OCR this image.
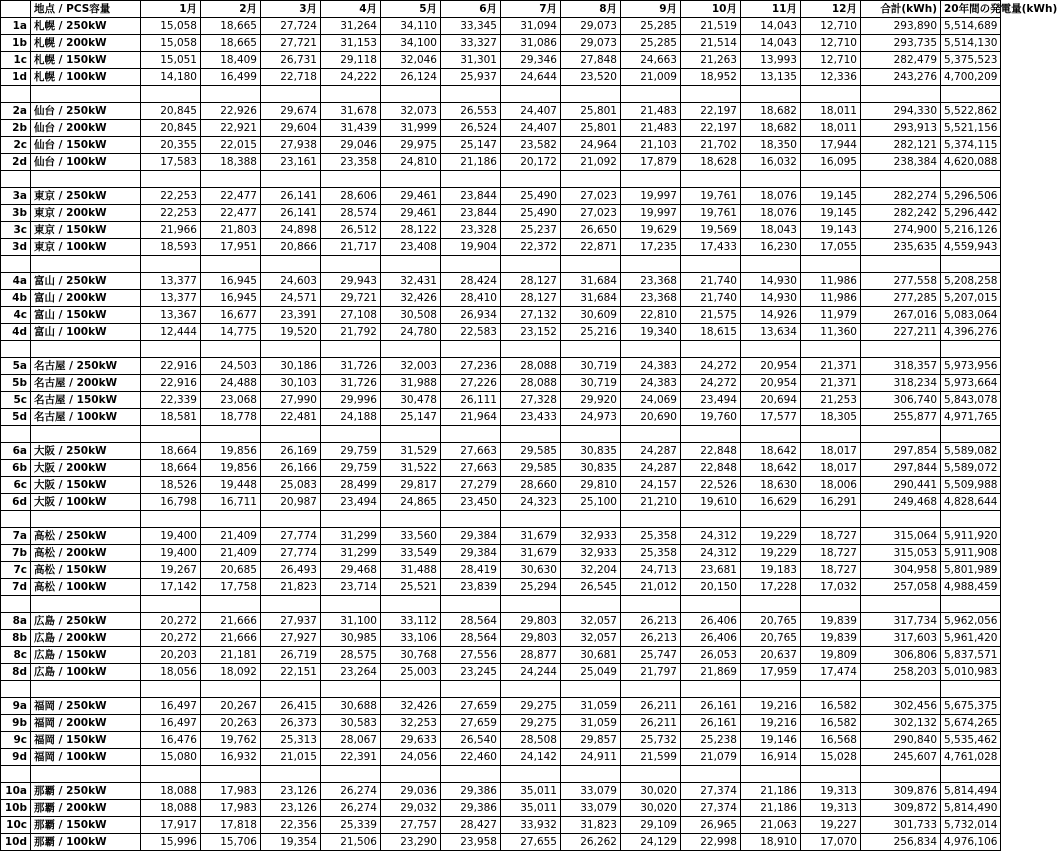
	地点 / PCS容量	1月	2月	3月	4月	5月	6月	7月	8月	9月	10月	11月	12月	合計(kWh)	20年間の発電量(kWh)
1a	札幌 / 250kW	15,058	18,665	27,724	31,264	34,110	33,345	31,094	29,073	25,285	21,519	14,043	12,710	293,890	5,514,689
1b	札幌 / 200kW	15,058	18,665	27,721	31,153	34,100	33,327	31,086	29,073	25,285	21,514	14,043	12,710	293,735	5,514,130
1c	札幌 / 150kW	15,051	18,409	26,731	29,118	32,046	31,301	29,346	27,848	24,663	21,263	13,993	12,710	282,479	5,375,523
1d	札幌 / 100kW	14,180	16,499	22,718	24,222	26,124	25,937	24,644	23,520	21,009	18,952	13,135	12,336	243,276	4,700,209

2a	仙台 / 250kW	20,845	22,926	29,674	31,678	32,073	26,553	24,407	25,801	21,483	22,197	18,682	18,011	294,330	5,522,862
2b	仙台 / 200kW	20,845	22,921	29,604	31,439	31,999	26,524	24,407	25,801	21,483	22,197	18,682	18,011	293,913	5,521,156
2c	仙台 / 150kW	20,355	22,015	27,938	29,046	29,975	25,147	23,582	24,964	21,103	21,702	18,350	17,944	282,121	5,374,115
2d	仙台 / 100kW	17,583	18,388	23,161	23,358	24,810	21,186	20,172	21,092	17,879	18,628	16,032	16,095	238,384	4,620,088

3a	東京 / 250kW	22,253	22,477	26,141	28,606	29,461	23,844	25,490	27,023	19,997	19,761	18,076	19,145	282,274	5,296,506
3b	東京 / 200kW	22,253	22,477	26,141	28,574	29,461	23,844	25,490	27,023	19,997	19,761	18,076	19,145	282,242	5,296,442
3c	東京 / 150kW	21,966	21,803	24,898	26,512	28,122	23,328	25,237	26,650	19,629	19,569	18,043	19,143	274,900	5,216,126
3d	東京 / 100kW	18,593	17,951	20,866	21,717	23,408	19,904	22,372	22,871	17,235	17,433	16,230	17,055	235,635	4,559,943

4a	富山 / 250kW	13,377	16,945	24,603	29,943	32,431	28,424	28,127	31,684	23,368	21,740	14,930	11,986	277,558	5,208,258
4b	富山 / 200kW	13,377	16,945	24,571	29,721	32,426	28,410	28,127	31,684	23,368	21,740	14,930	11,986	277,285	5,207,015
4c	富山 / 150kW	13,367	16,677	23,391	27,108	30,508	26,934	27,132	30,609	22,810	21,575	14,926	11,979	267,016	5,083,064
4d	富山 / 100kW	12,444	14,775	19,520	21,792	24,780	22,583	23,152	25,216	19,340	18,615	13,634	11,360	227,211	4,396,276

5a	名古屋 / 250kW	22,916	24,503	30,186	31,726	32,003	27,236	28,088	30,719	24,383	24,272	20,954	21,371	318,357	5,973,956
5b	名古屋 / 200kW	22,916	24,488	30,103	31,726	31,988	27,226	28,088	30,719	24,383	24,272	20,954	21,371	318,234	5,973,664
5c	名古屋 / 150kW	22,339	23,068	27,990	29,996	30,478	26,111	27,328	29,920	24,069	23,494	20,694	21,253	306,740	5,843,078
5d	名古屋 / 100kW	18,581	18,778	22,481	24,188	25,147	21,964	23,433	24,973	20,690	19,760	17,577	18,305	255,877	4,971,765

6a	大阪 / 250kW	18,664	19,856	26,169	29,759	31,529	27,663	29,585	30,835	24,287	22,848	18,642	18,017	297,854	5,589,082
6b	大阪 / 200kW	18,664	19,856	26,166	29,759	31,522	27,663	29,585	30,835	24,287	22,848	18,642	18,017	297,844	5,589,072
6c	大阪 / 150kW	18,526	19,448	25,083	28,499	29,817	27,279	28,660	29,810	24,157	22,526	18,630	18,006	290,441	5,509,988
6d	大阪 / 100kW	16,798	16,711	20,987	23,494	24,865	23,450	24,323	25,100	21,210	19,610	16,629	16,291	249,468	4,828,644

7a	高松 / 250kW	19,400	21,409	27,774	31,299	33,560	29,384	31,679	32,933	25,358	24,312	19,229	18,727	315,064	5,911,920
7b	高松 / 200kW	19,400	21,409	27,774	31,299	33,549	29,384	31,679	32,933	25,358	24,312	19,229	18,727	315,053	5,911,908
7c	高松 / 150kW	19,267	20,685	26,493	29,468	31,488	28,419	30,630	32,204	24,713	23,681	19,183	18,727	304,958	5,801,989
7d	高松 / 100kW	17,142	17,758	21,823	23,714	25,521	23,839	25,294	26,545	21,012	20,150	17,228	17,032	257,058	4,988,459

8a	広島 / 250kW	20,272	21,666	27,937	31,100	33,112	28,564	29,803	32,057	26,213	26,406	20,765	19,839	317,734	5,962,056
8b	広島 / 200kW	20,272	21,666	27,927	30,985	33,106	28,564	29,803	32,057	26,213	26,406	20,765	19,839	317,603	5,961,420
8c	広島 / 150kW	20,203	21,181	26,719	28,575	30,768	27,556	28,877	30,681	25,747	26,053	20,637	19,809	306,806	5,837,571
8d	広島 / 100kW	18,056	18,092	22,151	23,264	25,003	23,245	24,244	25,049	21,797	21,869	17,959	17,474	258,203	5,010,983

9a	福岡 / 250kW	16,497	20,267	26,415	30,688	32,426	27,659	29,275	31,059	26,211	26,161	19,216	16,582	302,456	5,675,375
9b	福岡 / 200kW	16,497	20,263	26,373	30,583	32,253	27,659	29,275	31,059	26,211	26,161	19,216	16,582	302,132	5,674,265
9c	福岡 / 150kW	16,476	19,762	25,313	28,067	29,633	26,540	28,508	29,857	25,732	25,238	19,146	16,568	290,840	5,535,462
9d	福岡 / 100kW	15,080	16,932	21,015	22,391	24,056	22,460	24,142	24,911	21,599	21,079	16,914	15,028	245,607	4,761,028

10a	那覇 / 250kW	18,088	17,983	23,126	26,274	29,036	29,386	35,011	33,079	30,020	27,374	21,186	19,313	309,876	5,814,494
10b	那覇 / 200kW	18,088	17,983	23,126	26,274	29,032	29,386	35,011	33,079	30,020	27,374	21,186	19,313	309,872	5,814,490
10c	那覇 / 150kW	17,917	17,818	22,356	25,339	27,757	28,427	33,932	31,823	29,109	26,965	21,063	19,227	301,733	5,732,014
10d	那覇 / 100kW	15,996	15,706	19,354	21,506	23,290	23,958	27,655	26,262	24,129	22,998	18,910	17,070	256,834	4,976,106
